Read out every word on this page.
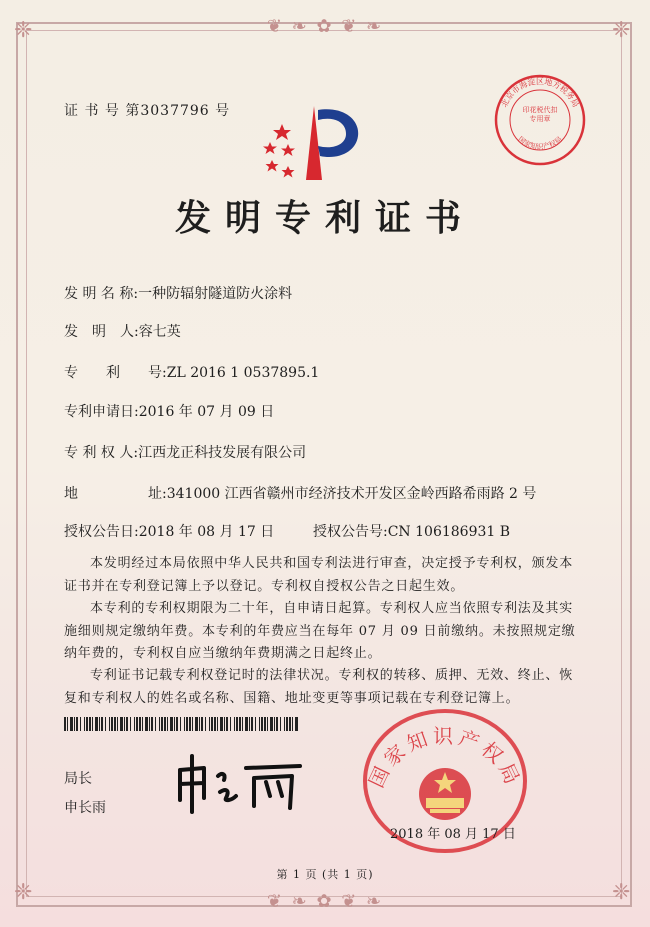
❦ ❧ ✿ ❦ ❧
❦ ❧ ✿ ❦ ❧
❈	❈
❈	❈
证 书 号 第3037796 号	北京市海淀区地方税务局
国家知识产权局
印花税代扣专用章
发明专利证书
发 明 名 称:一种防辐射隧道防火涂料
发　明　人:容七英
专　　利　　号:ZL 2016 1 0537895.1
专利申请日:2016 年 07 月 09 日
专 利 权 人:江西龙正科技发展有限公司
地　　　　　址:341000 江西省赣州市经济技术开发区金岭西路希雨路 2 号
授权公告日:2018 年 08 月 17 日	授权公告号:CN 106186931 B
本发明经过本局依照中华人民共和国专利法进行审查，决定授予专利权，颁发本证书并在专利登记簿上予以登记。专利权自授权公告之日起生效。
本专利的专利权期限为二十年，自申请日起算。专利权人应当依照专利法及其实施细则规定缴纳年费。本专利的年费应当在每年 07 月 09 日前缴纳。未按照规定缴纳年费的，专利权自应当缴纳年费期满之日起终止。
专利证书记载专利权登记时的法律状况。专利权的转移、质押、无效、终止、恢复和专利权人的姓名或名称、国籍、地址变更等事项记载在专利登记簿上。
局长
申长雨
国家知识产权局
2018 年 08 月 17 日
第 1 页 (共 1 页)
